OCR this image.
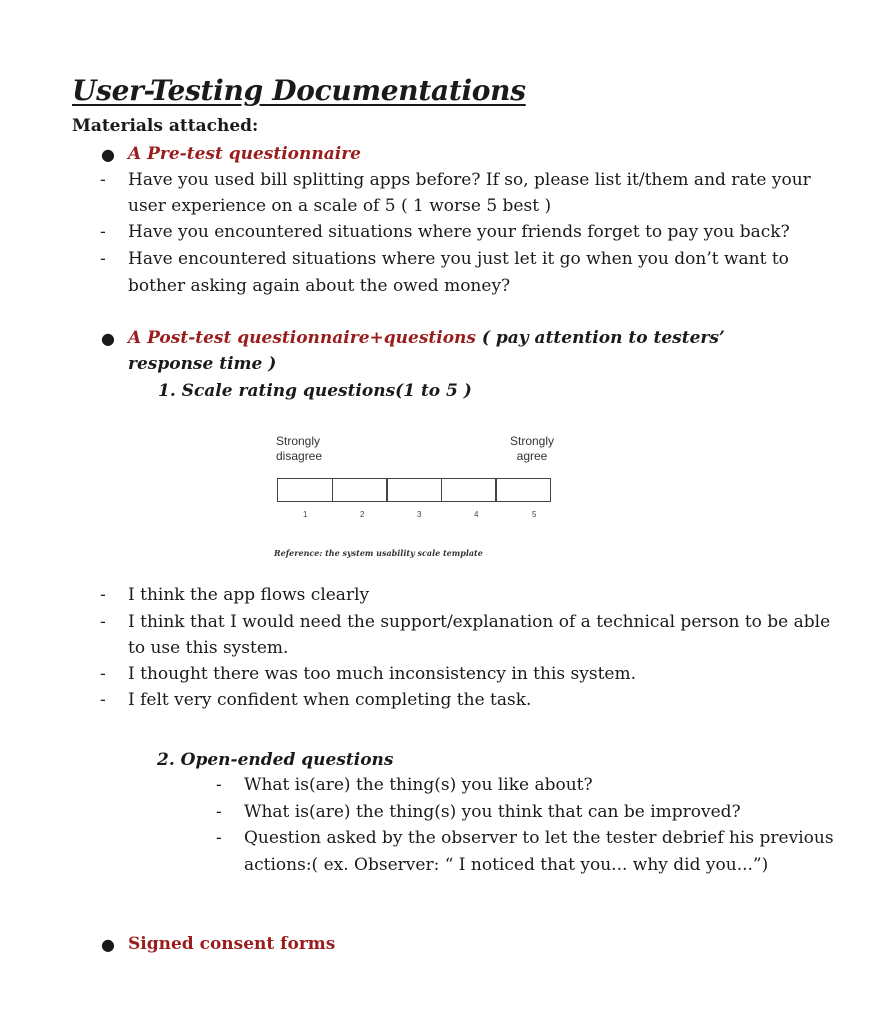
User-Testing Documentations
Materials attached:
● A Pre-test questionnaire
- Have you used bill splitting apps before? If so, please list it/them and rate your
user experience on a scale of 5 ( 1 worse 5 best )
- Have you encountered situations where your friends forget to pay you back?
- Have encountered situations where you just let it go when you don’t want to
bother asking again about the owed money?
● A Post-test questionnaire+questions ( pay attention to testers’
response time )
1. Scale rating questions(1 to 5 )
Strongly
disagree
Strongly
agree
1	2	3	4	5
Reference: the system usability scale template
- I think the app flows clearly
- I think that I would need the support/explanation of a technical person to be able
to use this system.
- I thought there was too much inconsistency in this system.
- I felt very confident when completing the task.
2. Open-ended questions
- What is(are) the thing(s) you like about?
- What is(are) the thing(s) you think that can be improved?
- Question asked by the observer to let the tester debrief his previous
actions:( ex. Observer: “ I noticed that you... why did you...”)
● Signed consent forms
